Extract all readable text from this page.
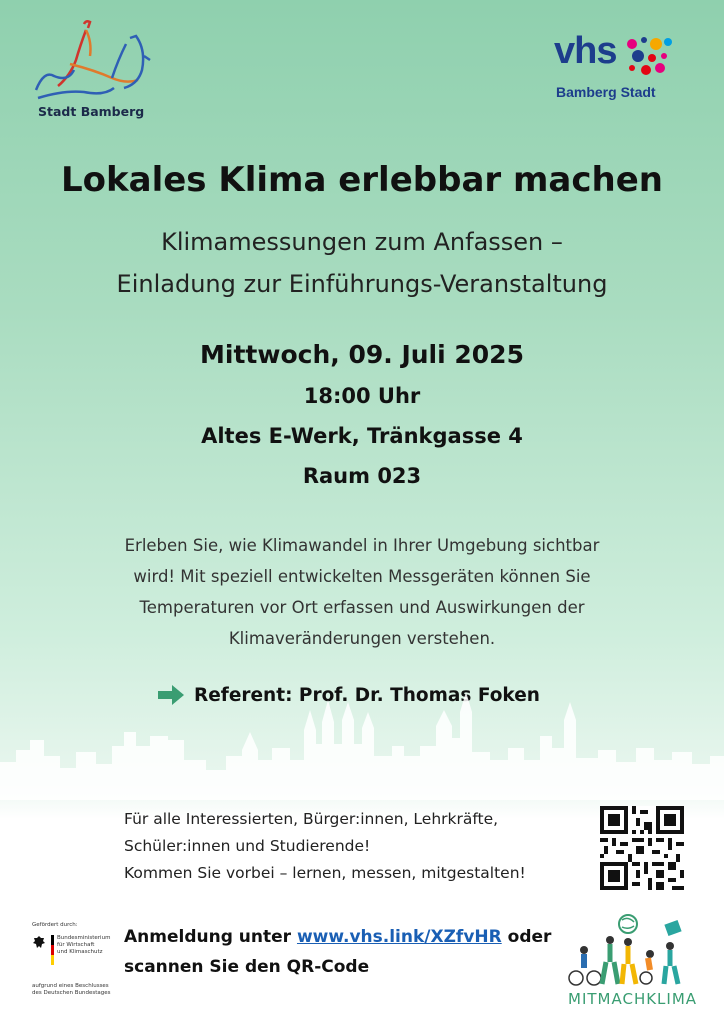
Stadt Bamberg
vhs
Bamberg Stadt
Lokales Klima erlebbar machen
Klimamessungen zum Anfassen –
Einladung zur Einführungs-Veranstaltung
Mittwoch, 09. Juli 2025
18:00 Uhr
Altes E-Werk, Tränkgasse 4
Raum 023
Erleben Sie, wie Klimawandel in Ihrer Umgebung sichtbar
wird! Mit speziell entwickelten Messgeräten können Sie
Temperaturen vor Ort erfassen und Auswirkungen der
Klimaveränderungen verstehen.
Referent: Prof. Dr. Thomas Foken
Für alle Interessierten, Bürger:innen, Lehrkräfte,
Schüler:innen und Studierende!
Kommen Sie vorbei – lernen, messen, mitgestalten!
Gefördert durch:
Bundesministerium
für Wirtschaft
und Klimaschutz
aufgrund eines Beschlusses
des Deutschen Bundestages
Anmeldung unter www.vhs.link/XZfvHR oder
scannen Sie den QR-Code
MITMACHKLIMA
